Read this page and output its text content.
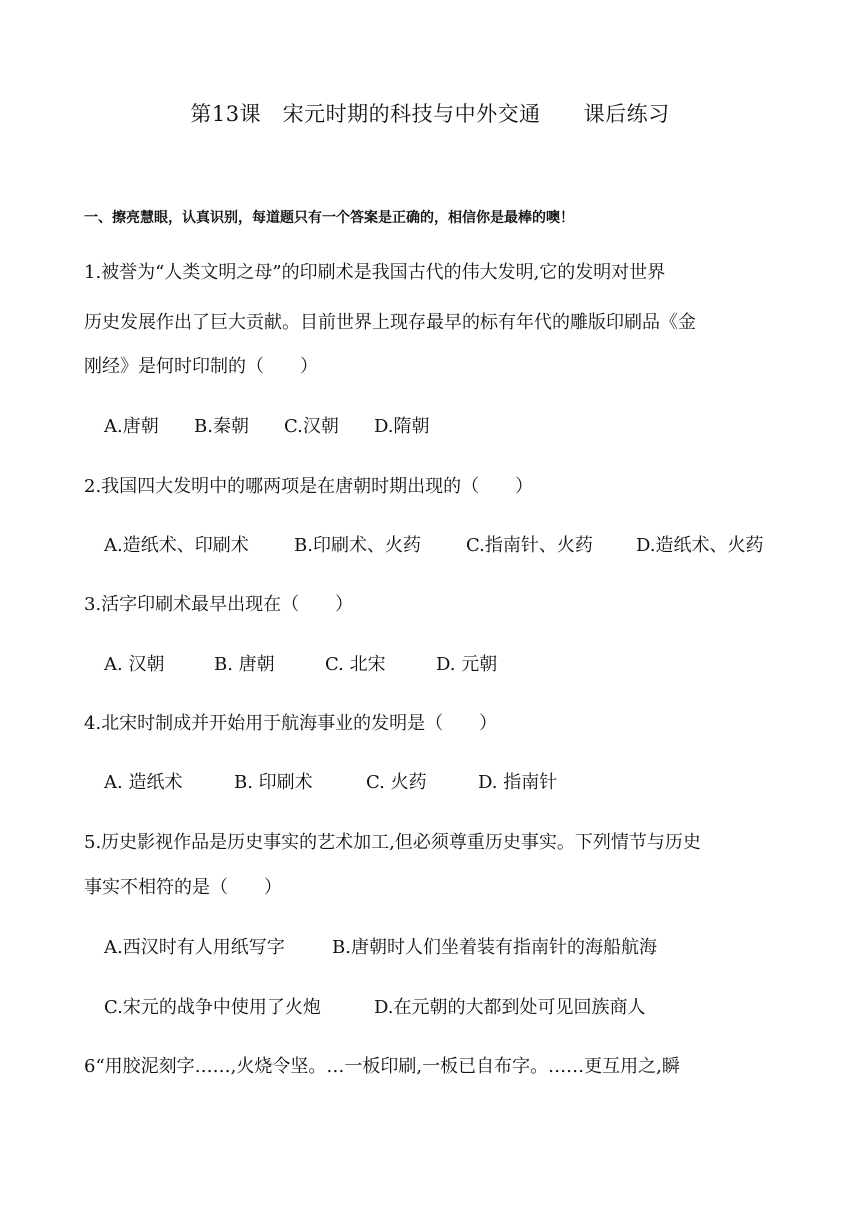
第13课　宋元时期的科技与中外交通　　课后练习
一、擦亮慧眼，认真识别，每道题只有一个答案是正确的，相信你是最棒的噢！
1.被誉为“人类文明之母”的印刷术是我国古代的伟大发明,它的发明对世界
历史发展作出了巨大贡献。目前世界上现存最早的标有年代的雕版印刷品《金
刚经》是何时印制的（　　）
A.唐朝 B.秦朝 C.汉朝 D.隋朝
2.我国四大发明中的哪两项是在唐朝时期出现的（　　）
A.造纸术、印刷术	B.印刷术、火药	C.指南针、火药 D.造纸术、火药
3.活字印刷术最早出现在（　　）
A. 汉朝	B. 唐朝	C. 北宋	D. 元朝
4.北宋时制成并开始用于航海事业的发明是（　　）
A. 造纸术	B. 印刷术	C. 火药	D. 指南针
5.历史影视作品是历史事实的艺术加工,但必须尊重历史事实。下列情节与历史
事实不相符的是（　　）
A.西汉时有人用纸写字	B.唐朝时人们坐着装有指南针的海船航海
C.宋元的战争中使用了火炮	D.在元朝的大都到处可见回族商人
6“用胶泥刻字……,火烧令坚。…一板印刷,一板已自布字。……更互用之,瞬
